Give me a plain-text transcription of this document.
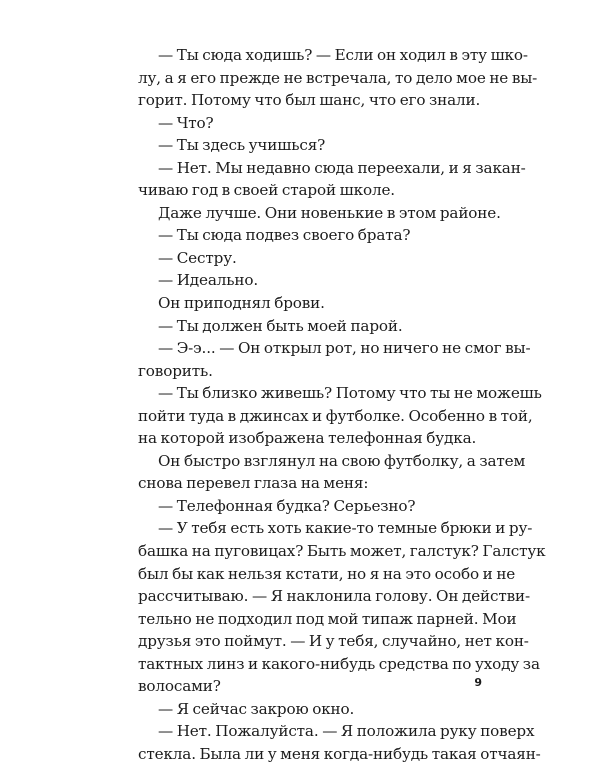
— Ты сюда ходишь? — Если он ходил в эту шко-
лу, а я его прежде не встречала, то дело мое не вы-
горит. Потому что был шанс, что его знали.
— Что?
— Ты здесь учишься?
— Нет. Мы недавно сюда переехали, и я закан-
чиваю год в своей старой школе.
Даже лучше. Они новенькие в этом районе.
— Ты сюда подвез своего брата?
— Сестру.
— Идеально.
Он приподнял брови.
— Ты должен быть моей парой.
— Э-э... — Он открыл рот, но ничего не смог вы-
говорить.
— Ты близко живешь? Потому что ты не можешь
пойти туда в джинсах и футболке. Особенно в той,
на которой изображена телефонная будка.
Он быстро взглянул на свою футболку, а затем
снова перевел глаза на меня:
— Телефонная будка? Серьезно?
— У тебя есть хоть какие-то темные брюки и ру-
башка на пуговицах? Быть может, галстук? Галстук
был бы как нельзя кстати, но я на это особо и не
рассчитываю. — Я наклонила голову. Он действи-
тельно не подходил под мой типаж парней. Мои
друзья это поймут. — И у тебя, случайно, нет кон-
тактных линз и какого-нибудь средства по уходу за
волосами?
— Я сейчас закрою окно.
— Нет. Пожалуйста. — Я положила руку поверх
стекла. Была ли у меня когда-нибудь такая отчаян-
9
